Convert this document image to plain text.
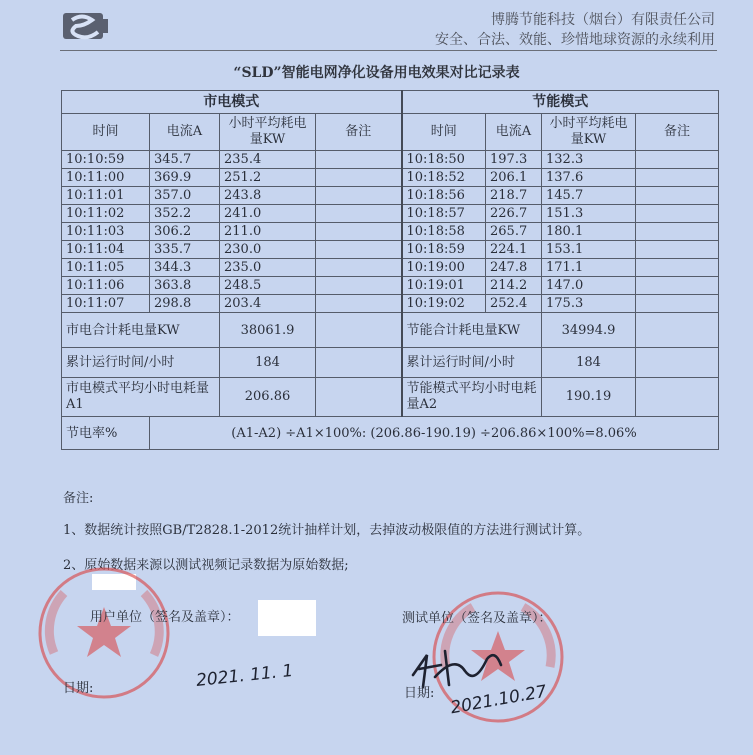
博腾节能科技（烟台）有限责任公司
安全、合法、效能、珍惜地球资源的永续利用
“SLD”智能电网净化设备用电效果对比记录表
市电模式				节能模式			
时间	电流A	小时平均耗电量KW	备注	时间	电流A	小时平均耗电量KW	备注
10:10:59	345.7	235.4		10:18:50	197.3	132.3	
10:11:00	369.9	251.2		10:18:52	206.1	137.6	
10:11:01	357.0	243.8		10:18:56	218.7	145.7	
10:11:02	352.2	241.0		10:18:57	226.7	151.3	
10:11:03	306.2	211.0		10:18:58	265.7	180.1	
10:11:04	335.7	230.0		10:18:59	224.1	153.1	
10:11:05	344.3	235.0		10:19:00	247.8	171.1	
10:11:06	363.8	248.5		10:19:01	214.2	147.0	
10:11:07	298.8	203.4		10:19:02	252.4	175.3	
市电合计耗电量KW		38061.9		节能合计耗电量KW		34994.9	
累计运行时间/小时		184		累计运行时间/小时		184	
市电模式平均小时电耗量A1		206.86		节能模式平均小时电耗量A2		190.19	
节电率%	(A1-A2) ÷A1×100%: (206.86-190.19) ÷206.86×100%=8.06%						
备注:
1、数据统计按照GB/T2828.1-2012统计抽样计划，去掉波动极限值的方法进行测试计算。
2、原始数据来源以测试视频记录数据为原始数据;
用户单位（签名及盖章）：	测试单位（签名及盖章）：
日期:	日期:
2021. 11. 1
2021.10.27
